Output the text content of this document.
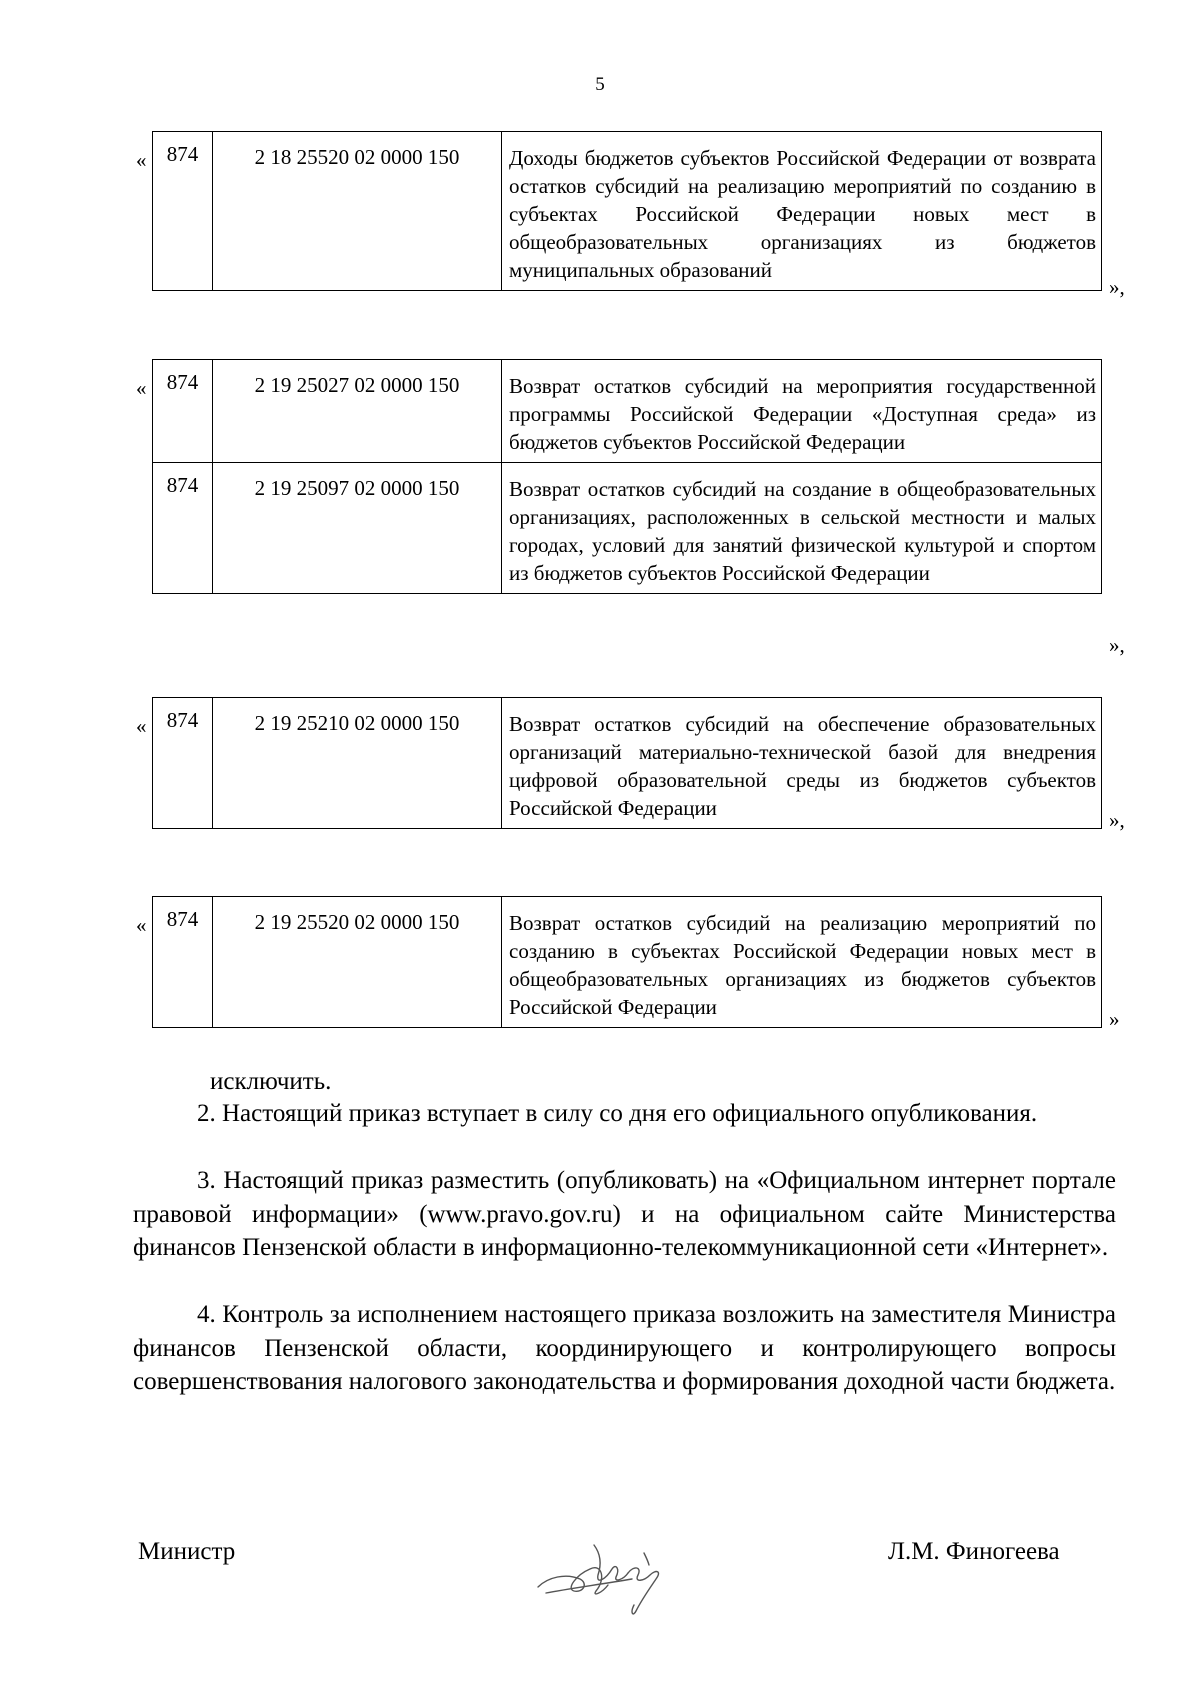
5
« 874	2 18 25520 02 0000 150	Доходы бюджетов субъектов Российской Федерации от возврата остатков субсидий на реализацию мероприятий по созданию в субъектах Российской Федерации новых мест в общеобразовательных организациях из бюджетов муниципальных образований
»,
« 874	2 19 25027 02 0000 150	Возврат остатков субсидий на мероприятия государственной программы Российской Федерации «Доступная среда» из бюджетов субъектов Российской Федерации
874	2 19 25097 02 0000 150	Возврат остатков субсидий на создание в общеобразовательных организациях, расположенных в сельской местности и малых городах, условий для занятий физической культурой и спортом из бюджетов субъектов Российской Федерации
»,
« 874	2 19 25210 02 0000 150	Возврат остатков субсидий на обеспечение образовательных организаций материально-технической базой для внедрения цифровой образовательной среды из бюджетов субъектов Российской Федерации	»,
« 874	2 19 25520 02 0000 150	Возврат остатков субсидий на реализацию мероприятий по созданию в субъектах Российской Федерации новых мест в общеобразовательных организациях из бюджетов субъектов Российской Федерации	»
исключить.
2. Настоящий приказ вступает в силу со дня его официального опубликования.
3. Настоящий приказ разместить (опубликовать) на «Официальном интернет портале правовой информации» (www.pravo.gov.ru) и на официальном сайте Министерства финансов Пензенской области в информационно-телекоммуникационной сети «Интернет».
4. Контроль за исполнением настоящего приказа возложить на заместителя Министра финансов Пензенской области, координирующего и контролирующего вопросы совершенствования налогового законодательства и формирования доходной части бюджета.
Министр	Л.М. Финогеева
